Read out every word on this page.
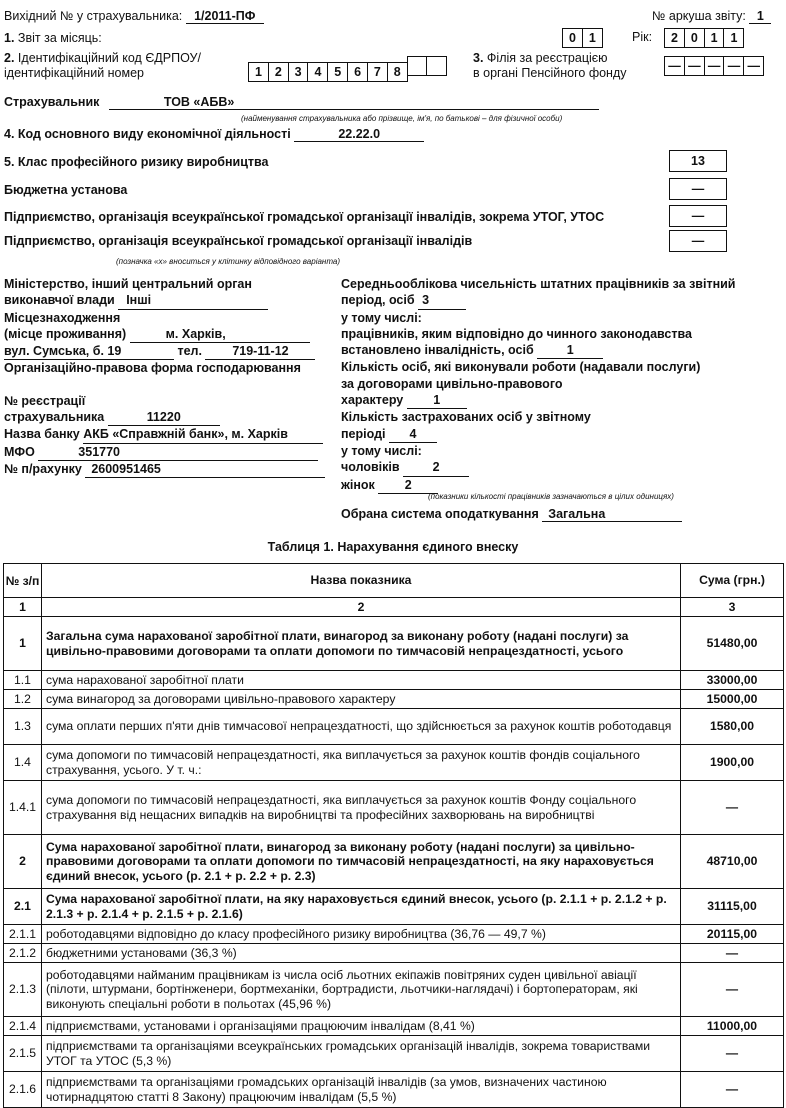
Вихідний № у страхувальника: 1/2011-ПФ	№ аркуша звіту: 1
1. Звіт за місяць:	0 1	Рік:	2 0 1 1
2. Ідентифікаційний код ЄДРПОУ/
ідентифікаційний номер	1 2 3 4 5 6 7 8
3. Філія за реєстрацією
в органі Пенсійного фонду	— — — — —
Страхувальник	ТОВ «АБВ»
(найменування страхувальника або прізвище, ім'я, по батькові – для фізичної особи)
4. Код основного виду економічної діяльності	22.22.0
5. Клас професійного ризику виробництва	13
Бюджетна установа	—
Підприємство, організація всеукраїнської громадської організації інвалідів, зокрема УТОГ, УТОС	—
Підприємство, організація всеукраїнської громадської організації інвалідів	—
(позначка «х» вноситься у клітинку відповідного варіанта)
Міністерство, інший центральний орган
виконавчої влади Інші
Місцезнаходження
(місце проживання)	м. Харків,
вул. Сумська, б. 19	тел. 719-11-12
Організаційно-правова форма господарювання
№ реєстрації
страхувальника	11220
Назва банку АКБ «Справжній банк», м. Харків
МФО	351770
№ п/рахунку 2600951465
Середньооблікова чисельність штатних працівників за звітний
період, осіб 3
у тому числі:
працівників, яким відповідно до чинного законодавства
встановлено інвалідність, осіб	1
Кількість осіб, які виконували роботи (надавали послуги)
за договорами цивільно-правового
характеру 1
Кількість застрахованих осіб у звітному
періоді 4
у тому числі:
чоловіків	2
жінок 2
(показники кількості працівників зазначаються в цілих одиницях)
Обрана система оподаткування Загальна
Таблиця 1. Нарахування єдиного внеску
№ з/п	Назва показника	Сума (грн.)
1	2	3
1	Загальна сума нарахованої заробітної плати, винагород за виконану роботу (надані послуги) за цивільно-правовими договорами та оплати допомоги по тимчасовій непрацездатності, усього	51480,00
1.1	сума нарахованої заробітної плати	33000,00
1.2	сума винагород за договорами цивільно-правового характеру	15000,00
1.3	сума оплати перших п'яти днів тимчасової непрацездатності, що здійснюється за рахунок коштів роботодавця	1580,00
1.4	сума допомоги по тимчасовій непрацездатності, яка виплачується за рахунок коштів фондів соціального страхування, усього. У т. ч.:	1900,00
1.4.1	сума допомоги по тимчасовій непрацездатності, яка виплачується за рахунок коштів Фонду соціального страхування від нещасних випадків на виробництві та професійних захворювань на виробництві	—
2	Сума нарахованої заробітної плати, винагород за виконану роботу (надані послуги) за цивільно-правовими договорами та оплати допомоги по тимчасовій непрацездатності, на яку нараховується єдиний внесок, усього (р. 2.1 + р. 2.2 + р. 2.3)	48710,00
2.1	Сума нарахованої заробітної плати, на яку нараховується єдиний внесок, усього (р. 2.1.1 + р. 2.1.2 + р. 2.1.3 + р. 2.1.4 + р. 2.1.5 + р. 2.1.6)	31115,00
2.1.1	роботодавцями відповідно до класу професійного ризику виробництва (36,76 — 49,7 %)	20115,00
2.1.2	бюджетними установами (36,3 %)	—
2.1.3	роботодавцями найманим працівникам із числа осіб льотних екіпажів повітряних суден цивільної авіації (пілоти, штурмани, бортінженери, бортмеханіки, бортрадисти, льотчики-наглядачі) і бортоператорам, які виконують спеціальні роботи в польотах (45,96 %)	—
2.1.4	підприємствами, установами і організаціями працюючим інвалідам (8,41 %)	11000,00
2.1.5	підприємствами та організаціями всеукраїнських громадських організацій інвалідів, зокрема товариствами УТОГ та УТОС (5,3 %)	—
2.1.6	підприємствами та організаціями громадських організацій інвалідів (за умов, визначених частиною чотирнадцятою статті 8 Закону) працюючим інвалідам (5,5 %)	—
